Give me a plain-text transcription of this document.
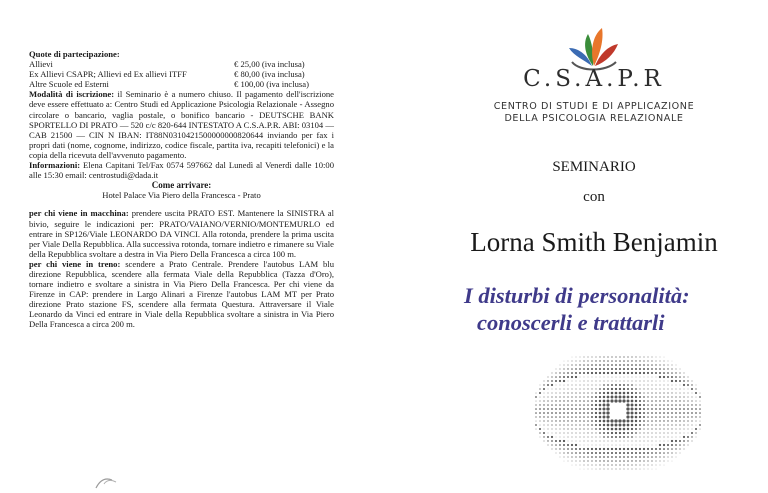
Quote di partecipazione:

Allievi	€ 25,00 (iva inclusa)
Ex Allievi CSAPR; Allievi ed Ex allievi ITFF	€ 80,00 (iva inclusa)
Altre Scuole ed Esterni	€ 100,00 (iva inclusa)

Modalità di iscrizione: il Seminario è a numero chiuso. Il pagamento dell'iscrizione deve essere effettuato a: Centro Studi ed Applicazione Psicologia Relazionale - Assegno circolare o bancario, vaglia postale, o bonifico bancario - DEUTSCHE BANK SPORTELLO DI PRATO — 520 c/c 820-644 INTESTATO A C.S.A.P.R. ABI: 03104 — CAB 21500 — CIN N IBAN: IT88N0310421500000000820644 inviando per fax i propri dati (nome, cognome, indirizzo, codice fiscale, partita iva, recapiti telefonici) e la copia della ricevuta dell'avvenuto pagamento.

Informazioni: Elena Capitani Tel/Fax 0574 597662 dal Lunedì al Venerdì dalle 10:00 alle 15:30 email: centrostudi@dada.it

Come arrivare:

Hotel Palace Via Piero della Francesca - Prato

per chi viene in macchina: prendere uscita PRATO EST. Mantenere la SINISTRA al bivio, seguire le indicazioni per: PRATO/VAIANO/VERNIO/MONTEMURLO ed entrare in SP126/Viale LEONARDO DA VINCI. Alla rotonda, prendere la prima uscita per Viale Della Repubblica. Alla successiva rotonda, tornare indietro e rimanere su Viale della Repubblica svoltare a destra in Via Piero Della Francesca a circa 100 m.

per chi viene in treno: scendere a Prato Centrale. Prendere l'autobus LAM blu direzione Repubblica, scendere alla fermata Viale della Repubblica (Tazza d'Oro), tornare indietro e svoltare a sinistra in Via Piero Della Francesca. Per chi viene da Firenze in CAP: prendere in Largo Alinari a Firenze l'autobus LAM MT per Prato direzione Prato stazione FS, scendere alla fermata Questura. Attraversare il Viale Leonardo da Vinci ed entrare in Viale della Repubblica svoltare a sinistra in Via Piero Della Francesca a circa 200 m.

C.S.A.P.R
CENTRO DI STUDI E DI APPLICAZIONE
DELLA PSICOLOGIA RELAZIONALE
SEMINARIO
con
Lorna Smith Benjamin
I disturbi di personalità:
conoscerli e trattarli
